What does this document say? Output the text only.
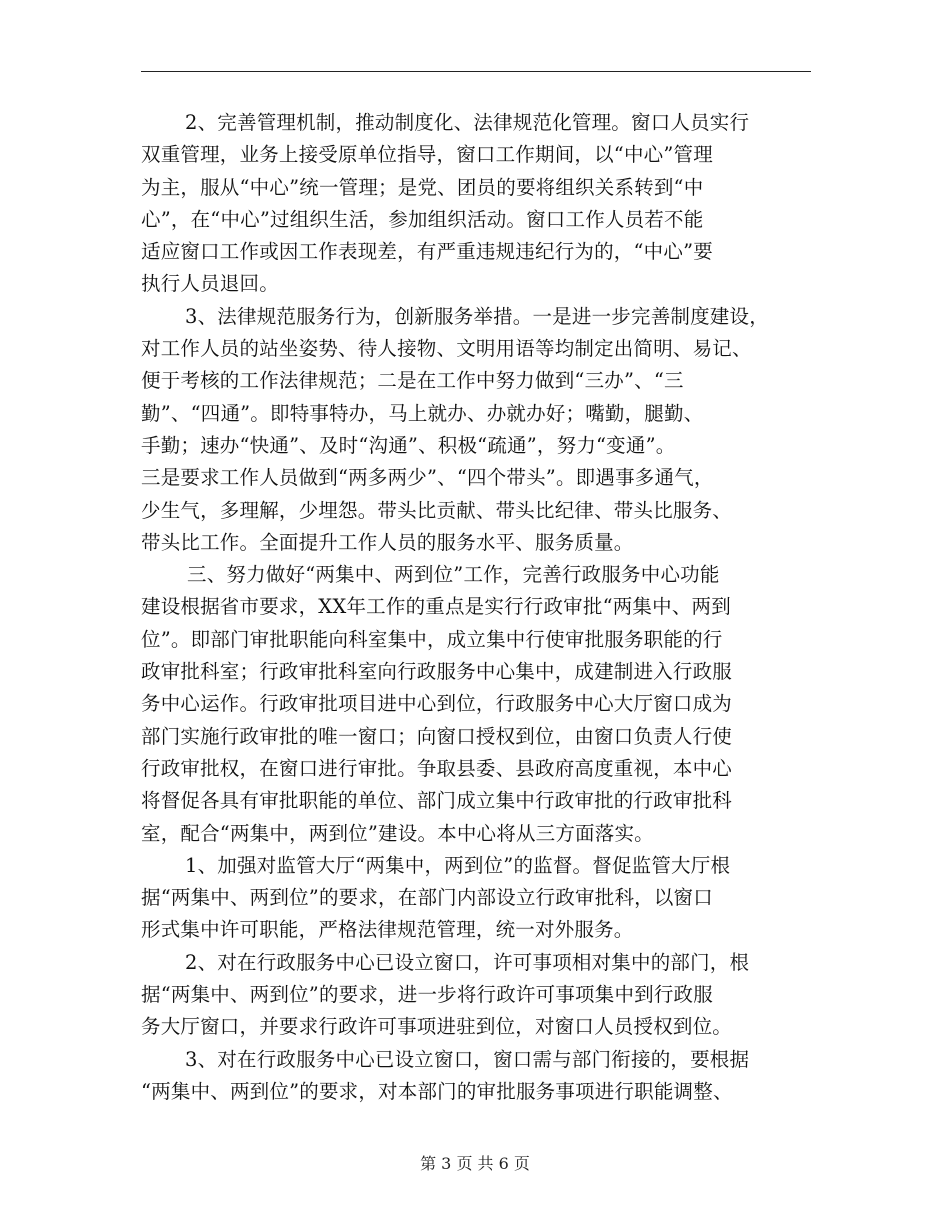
2、完善管理机制，推动制度化、法律规范化管理。窗口人员实行
双重管理，业务上接受原单位指导，窗口工作期间，以“中心”管理
为主，服从“中心”统一管理；是党、团员的要将组织关系转到“中
心”，在“中心”过组织生活，参加组织活动。窗口工作人员若不能
适应窗口工作或因工作表现差，有严重违规违纪行为的，“中心”要
执行人员退回。
3、法律规范服务行为，创新服务举措。一是进一步完善制度建设，
对工作人员的站坐姿势、待人接物、文明用语等均制定出简明、易记、
便于考核的工作法律规范；二是在工作中努力做到“三办”、“三
勤”、“四通”。即特事特办，马上就办、办就办好；嘴勤，腿勤、
手勤；速办“快通”、及时“沟通”、积极“疏通”，努力“变通”。
三是要求工作人员做到“两多两少”、“四个带头”。即遇事多通气，
少生气，多理解，少埋怨。带头比贡献、带头比纪律、带头比服务、
带头比工作。全面提升工作人员的服务水平、服务质量。
三、努力做好“两集中、两到位”工作，完善行政服务中心功能
建设根据省市要求，XX年工作的重点是实行行政审批“两集中、两到
位”。即部门审批职能向科室集中，成立集中行使审批服务职能的行
政审批科室；行政审批科室向行政服务中心集中，成建制进入行政服
务中心运作。行政审批项目进中心到位，行政服务中心大厅窗口成为
部门实施行政审批的唯一窗口；向窗口授权到位，由窗口负责人行使
行政审批权，在窗口进行审批。争取县委、县政府高度重视，本中心
将督促各具有审批职能的单位、部门成立集中行政审批的行政审批科
室，配合“两集中，两到位”建设。本中心将从三方面落实。
1、加强对监管大厅“两集中，两到位”的监督。督促监管大厅根
据“两集中、两到位”的要求，在部门内部设立行政审批科，以窗口
形式集中许可职能，严格法律规范管理，统一对外服务。
2、对在行政服务中心已设立窗口，许可事项相对集中的部门，根
据“两集中、两到位”的要求，进一步将行政许可事项集中到行政服
务大厅窗口，并要求行政许可事项进驻到位，对窗口人员授权到位。
3、对在行政服务中心已设立窗口，窗口需与部门衔接的，要根据
“两集中、两到位”的要求，对本部门的审批服务事项进行职能调整、
第 3 页 共 6 页
